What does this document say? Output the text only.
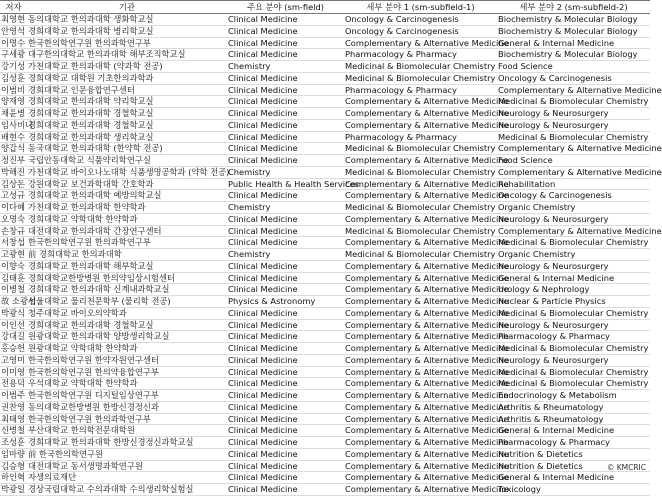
저자	기관	주요 분야 (sm-field)	세부 분야 1 (sm-subfield-1)	세부 분야 2 (sm-subfield-2)
최영현	동의대학교 한의과대학 생화학교실	Clinical Medicine	Oncology & Carcinogenesis	Biochemistry & Molecular Biology
안영석	경희대학교 한의과대학 병리학교실	Clinical Medicine	Oncology & Carcinogenesis	Biochemistry & Molecular Biology
이명수	한국한의학연구원 한의과학연구부	Clinical Medicine	Complementary & Alternative Medicine	General & Internal Medicine
구세광	대구한의대학교 한의과대학 해부조직학교실	Clinical Medicine	Pharmacology & Pharmacy	Biochemistry & Molecular Biology
강기성	가천대학교 한의과대학 (약과학 전공)	Chemistry	Medicinal & Biomolecular Chemistry	Food Science
김성훈	경희대학교 대학원 기초한의과학과	Clinical Medicine	Medicinal & Biomolecular Chemistry	Oncology & Carcinogenesis
이범비	경희대학교 인문융합연구센터	Clinical Medicine	Pharmacology & Pharmacy	Complementary & Alternative Medicine
양재영	경희대학교 한의과대학 약리학교실	Clinical Medicine	Complementary & Alternative Medicine	Medicinal & Biomolecular Chemistry
채윤병	경희대학교 한의과대학 경혈학교실	Clinical Medicine	Complementary & Alternative Medicine	Neurology & Neurosurgery
임사비나	경희대학교 한의과대학 경혈학교실	Clinical Medicine	Complementary & Alternative Medicine	Neurology & Neurosurgery
배현수	경희대학교 한의과대학 생리학교실	Clinical Medicine	Pharmacology & Pharmacy	Medicinal & Biomolecular Chemistry
양갑식	동국대학교 한의과대학 (한약학 전공)	Clinical Medicine	Medicinal & Biomolecular Chemistry	Complementary & Alternative Medicine
정진부	국립안동대학교 식품약리학연구실	Clinical Medicine	Complementary & Alternative Medicine	Food Science
박해진	가천대학교 바이오나노대학 식품생명공학과 (약학 전공)	Chemistry	Medicinal & Biomolecular Chemistry	Complementary & Alternative Medicine
김상돈	강원대학교 보건과학대학 간호학과	Public Health & Health Services	Complementary & Alternative Medicine	Rehabilitation
고성규	경희대학교 한의과대학 예방의학교실	Clinical Medicine	Complementary & Alternative Medicine	Oncology & Carcinogenesis
이다혜	가천대학교 한의과대학 한약학과	Chemistry	Medicinal & Biomolecular Chemistry	Organic Chemistry
오명숙	경희대학교 약학대학 한약학과	Clinical Medicine	Complementary & Alternative Medicine	Neurology & Neurosurgery
손창규	대전대학교 한의과대학 간장연구센터	Clinical Medicine	Medicinal & Biomolecular Chemistry	Complementary & Alternative Medicine
서창섭	한국한의학연구원 한의과학연구부	Clinical Medicine	Complementary & Alternative Medicine	Medicinal & Biomolecular Chemistry
고광현	前 경희대학교 한의과대학	Chemistry	Medicinal & Biomolecular Chemistry	Organic Chemistry
이향숙	경희대학교 한의과대학 해부학교실	Clinical Medicine	Complementary & Alternative Medicine	Neurology & Neurosurgery
김태훈	경희대학교한방병원 한의약임상시험센터	Clinical Medicine	Complementary & Alternative Medicine	General & Internal Medicine
이병철	경희대학교 한의과대학 신계내과학교실	Clinical Medicine	Complementary & Alternative Medicine	Urology & Nephrology
故 소광섭	서울대학교 물리천문학부 (물리학 전공)	Physics & Astronomy	Complementary & Alternative Medicine	Nuclear & Particle Physics
박광식	청주대학교 바이오의약학과	Clinical Medicine	Complementary & Alternative Medicine	Medicinal & Biomolecular Chemistry
이인선	경희대학교 한의과대학 경혈학교실	Clinical Medicine	Complementary & Alternative Medicine	Neurology & Neurosurgery
강대길	원광대학교 한의과대학 양방생리학교실	Clinical Medicine	Complementary & Alternative Medicine	Pharmacology & Pharmacy
홍승헌	원광대학교 약학대학 한약학과	Clinical Medicine	Complementary & Alternative Medicine	Medicinal & Biomolecular Chemistry
고영미	한국한의학연구원 한약자원연구센터	Clinical Medicine	Complementary & Alternative Medicine	Neurology & Neurosurgery
이미영	한국한의학연구원 한의약융합연구부	Clinical Medicine	Complementary & Alternative Medicine	Medicinal & Biomolecular Chemistry
전용덕	우석대학교 약학대학 한약학과	Clinical Medicine	Complementary & Alternative Medicine	Medicinal & Biomolecular Chemistry
이범주	한국한의학연구원 디지털임상연구부	Clinical Medicine	Complementary & Alternative Medicine	Endocrinology & Metabolism
권찬영	동의대학교한방병원 한방신경정신과	Clinical Medicine	Complementary & Alternative Medicine	Arthritis & Rheumatology
최태영	한국한의학연구원 한의과학연구부	Clinical Medicine	Complementary & Alternative Medicine	Arthritis & Rheumatology
신병철	부산대학교 한의학전문대학원	Clinical Medicine	Complementary & Alternative Medicine	General & Internal Medicine
조성훈	경희대학교 한의과대학 한방신경정신과학교실	Clinical Medicine	Complementary & Alternative Medicine	Pharmacology & Pharmacy
임마량	前 한국한의학연구원	Clinical Medicine	Complementary & Alternative Medicine	Nutrition & Dietetics
김승형	대전대학교 동서생명과학연구원	Clinical Medicine	Complementary & Alternative Medicine	Nutrition & Dietetics
하인혁	자생의료재단	Clinical Medicine	Complementary & Alternative Medicine	General & Internal Medicine
박광일	경상국립대학교 수의과대학 수의생리학실험실	Clinical Medicine	Complementary & Alternative Medicine	Toxicology
© KMCRIC
